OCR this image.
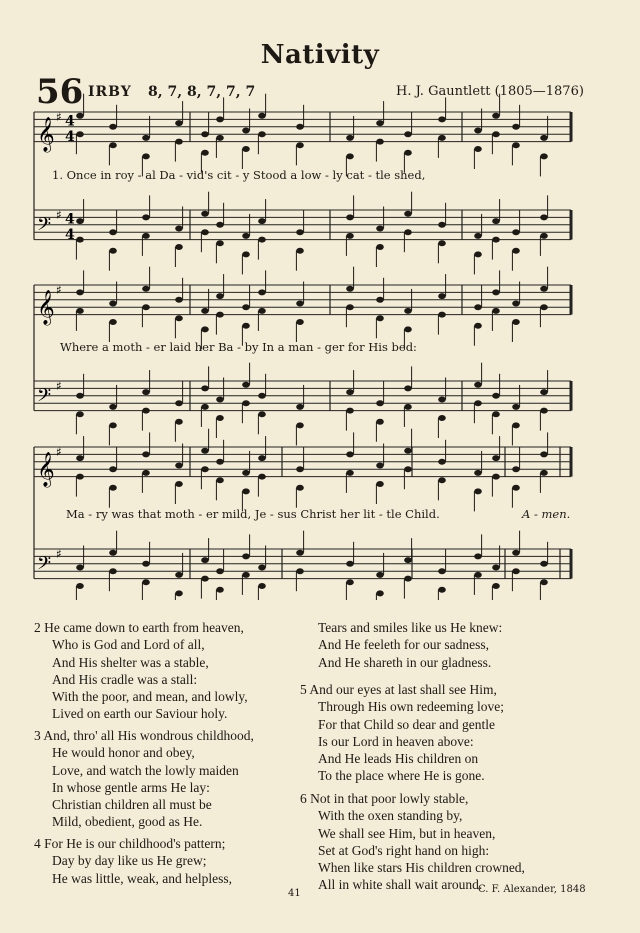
Nativity
56 IRBY 8, 7, 8, 7, 7, 7	H. J. Gauntlett (1805—1876)
𝄞 ♯ 4
4
𝄢 ♯ 4
4
𝄞 ♯
𝄢 ♯
𝄞 ♯
𝄢 ♯
1. Once in roy - al Da - vid's cit - y Stood a low - ly cat - tle shed,
Where a moth - er laid her Ba - by In a man - ger for His bed:
Ma - ry was that moth - er mild, Je - sus Christ her lit - tle Child.	A - men.
2 He came down to earth from heaven,
Who is God and Lord of all,
And His shelter was a stable,
And His cradle was a stall:
With the poor, and mean, and lowly,
Lived on earth our Saviour holy.
3 And, thro' all His wondrous childhood,
He would honor and obey,
Love, and watch the lowly maiden
In whose gentle arms He lay:
Christian children all must be
Mild, obedient, good as He.
4 For He is our childhood's pattern;
Day by day like us He grew;
He was little, weak, and helpless,
Tears and smiles like us He knew:
And He feeleth for our sadness,
And He shareth in our gladness.
5 And our eyes at last shall see Him,
Through His own redeeming love;
For that Child so dear and gentle
Is our Lord in heaven above:
And He leads His children on
To the place where He is gone.
6 Not in that poor lowly stable,
With the oxen standing by,
We shall see Him, but in heaven,
Set at God's right hand on high:
When like stars His children crowned,
All in white shall wait around.
41	C. F. Alexander, 1848
